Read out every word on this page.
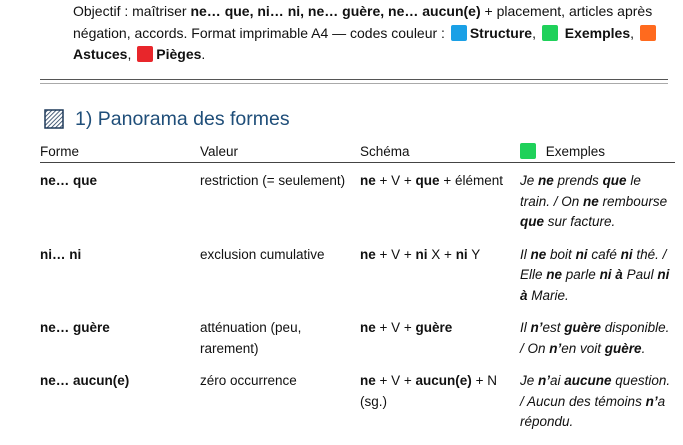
Objectif : maîtriser ne… que, ni… ni, ne… guère, ne… aucun(e) + placement, articles après négation, accords. Format imprimable A4 — codes couleur : Structure,  Exemples, Astuces, Pièges.
1) Panorama des formes
Forme	Valeur	Schéma	Exemples
ne… que	restriction (= seulement)	ne + V + que + élément	Je ne prends que le train. / On ne rembourse que sur facture.
ni… ni	exclusion cumulative	ne + V + ni X + ni Y	Il ne boit ni café ni thé. / Elle ne parle ni à Paul ni à Marie.
ne… guère	atténuation (peu, rarement)	ne + V + guère	Il n’est guère disponible. / On n’en voit guère.
ne… aucun(e)	zéro occurrence	ne + V + aucun(e) + N (sg.)	Je n’ai aucune question. / Aucun des témoins n’a répondu.
